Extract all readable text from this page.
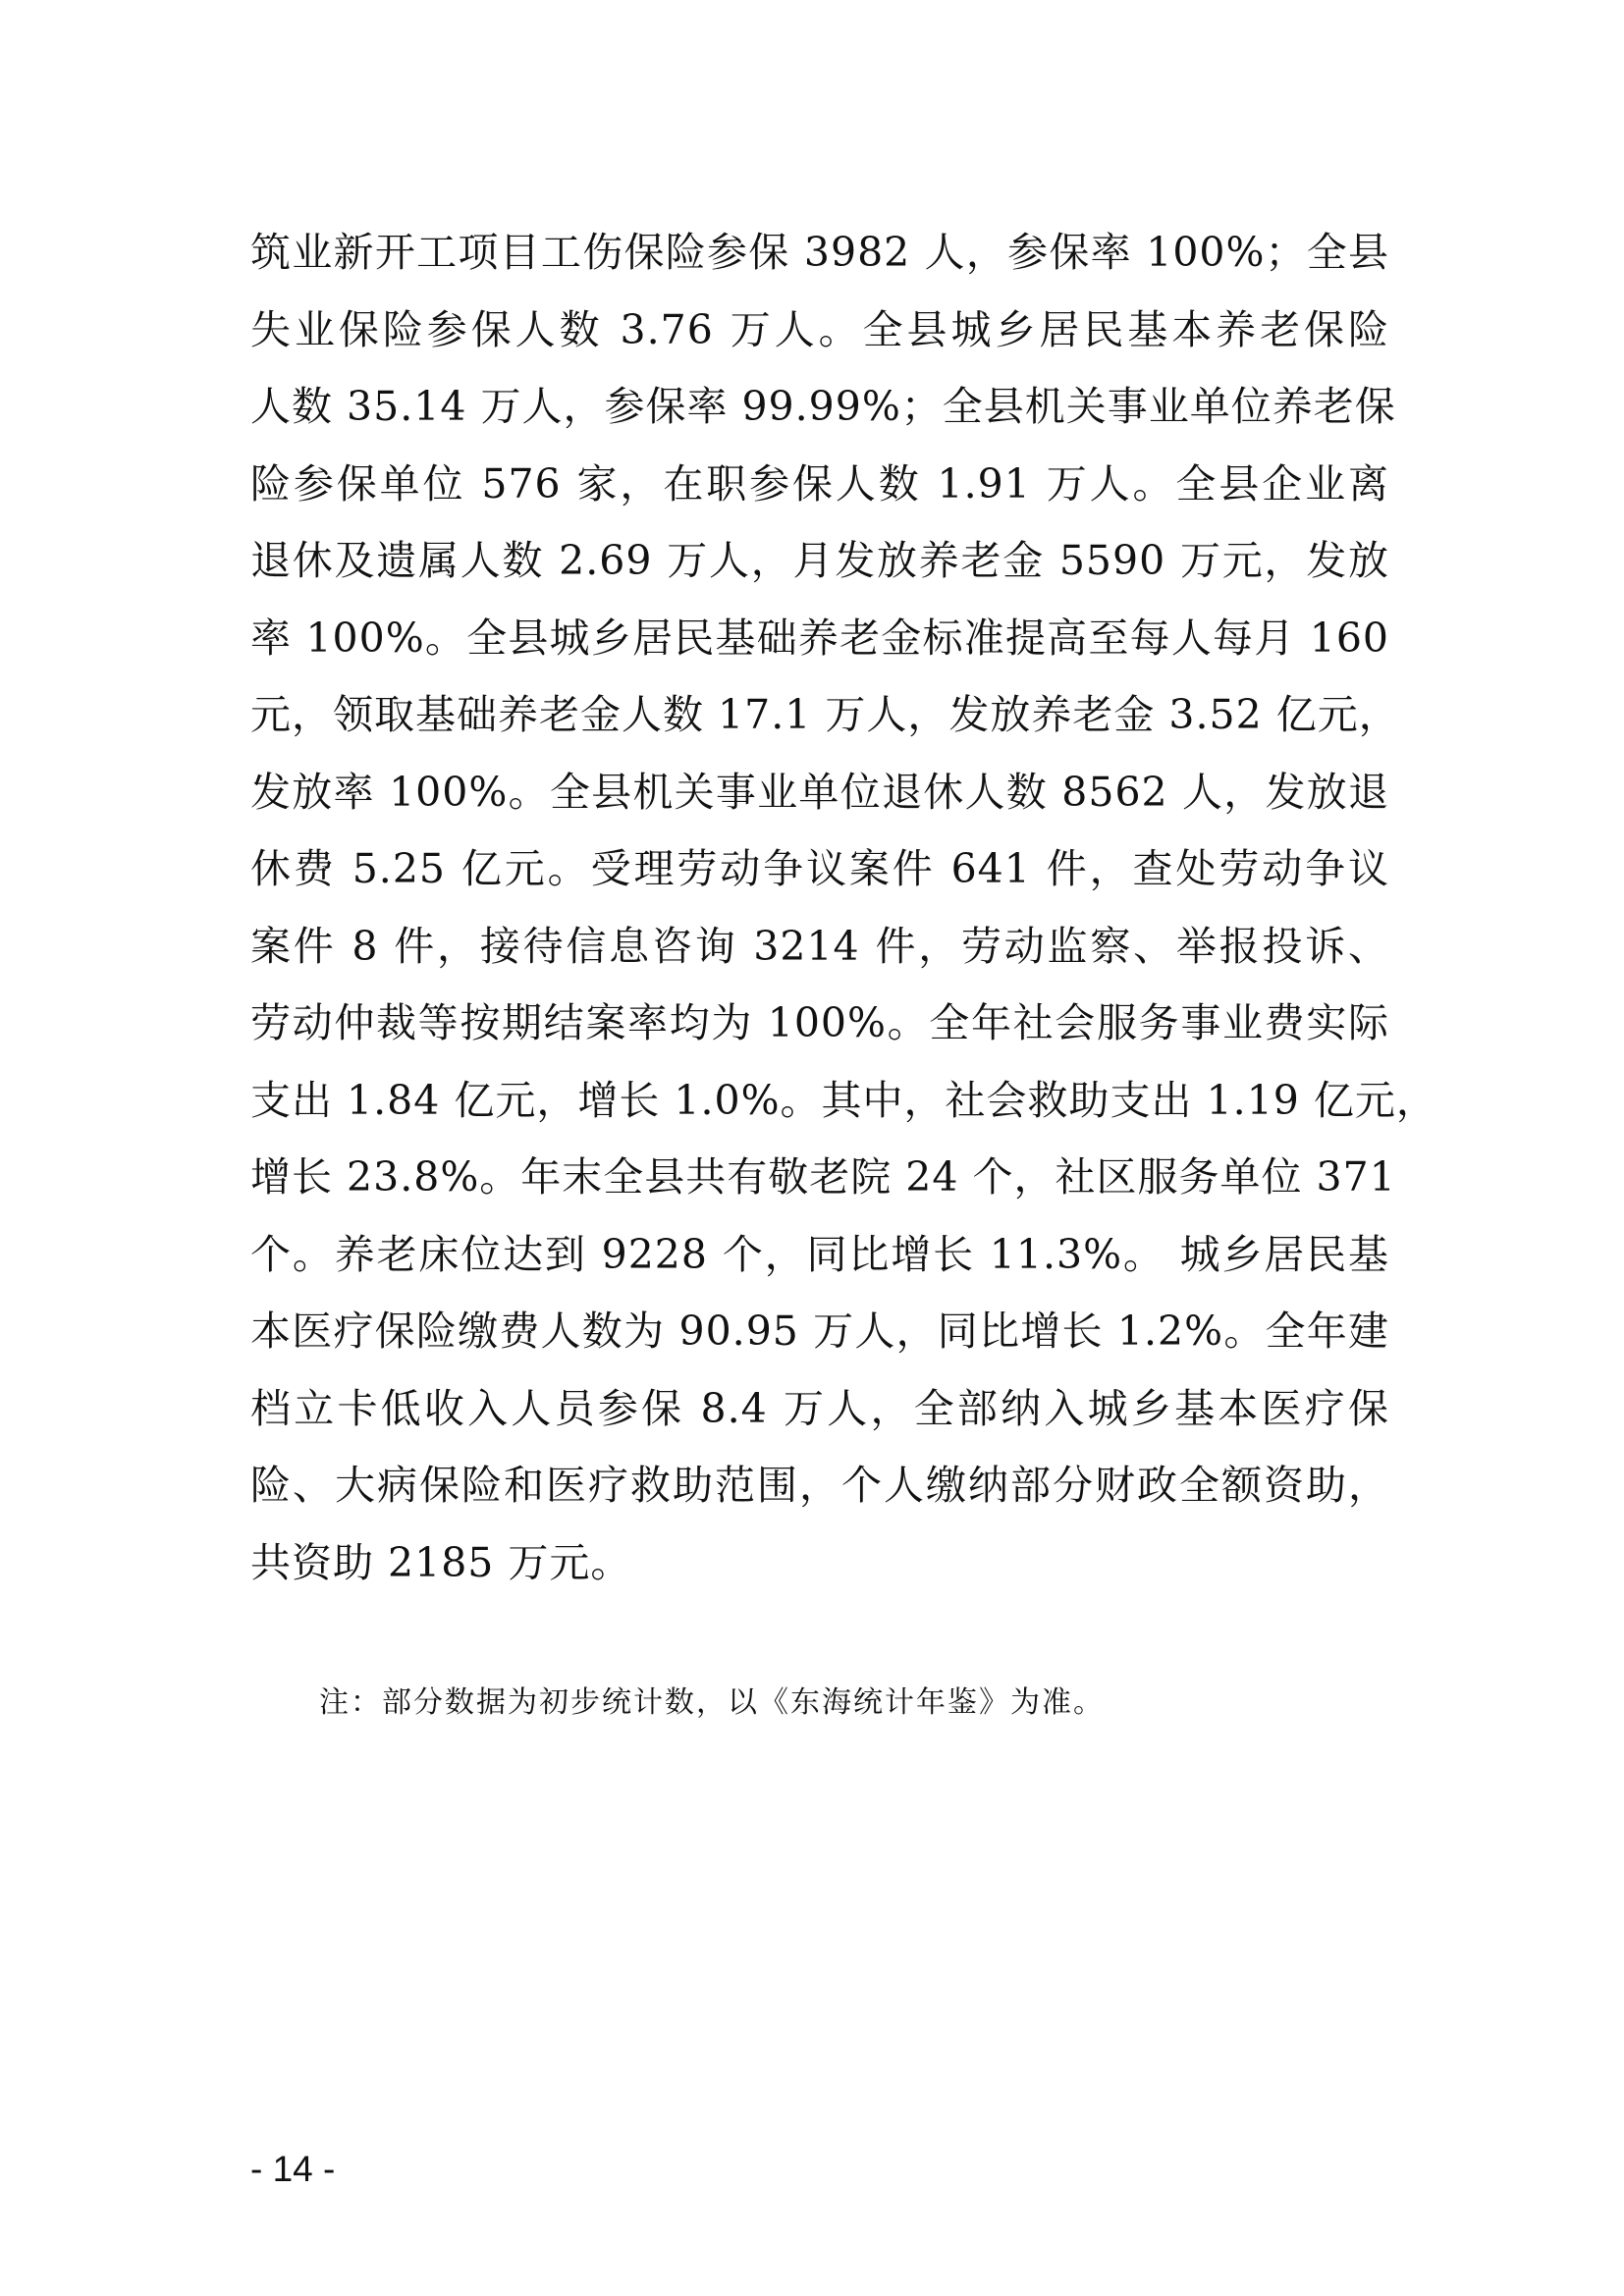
筑业新开工项目工伤保险参保 3982 人，参保率 100%；全县
失业保险参保人数 3.76 万人。全县城乡居民基本养老保险
人数 35.14 万人，参保率 99.99%；全县机关事业单位养老保
险参保单位 576 家，在职参保人数 1.91 万人。全县企业离
退休及遗属人数 2.69 万人，月发放养老金 5590 万元，发放
率 100%。全县城乡居民基础养老金标准提高至每人每月 160
元，领取基础养老金人数 17.1 万人，发放养老金 3.52 亿元，
发放率 100%。全县机关事业单位退休人数 8562 人，发放退
休费 5.25 亿元。受理劳动争议案件 641 件，查处劳动争议
案件 8 件，接待信息咨询 3214 件，劳动监察、举报投诉、
劳动仲裁等按期结案率均为 100%。全年社会服务事业费实际
支出 1.84 亿元，增长 1.0%。其中，社会救助支出 1.19 亿元，
增长 23.8%。年末全县共有敬老院 24 个，社区服务单位 371
个。养老床位达到 9228 个，同比增长 11.3%。 城乡居民基
本医疗保险缴费人数为 90.95 万人，同比增长 1.2%。全年建
档立卡低收入人员参保 8.4 万人，全部纳入城乡基本医疗保
险、大病保险和医疗救助范围，个人缴纳部分财政全额资助，
共资助 2185 万元。
注：部分数据为初步统计数，以《东海统计年鉴》为准。
- 14 -
